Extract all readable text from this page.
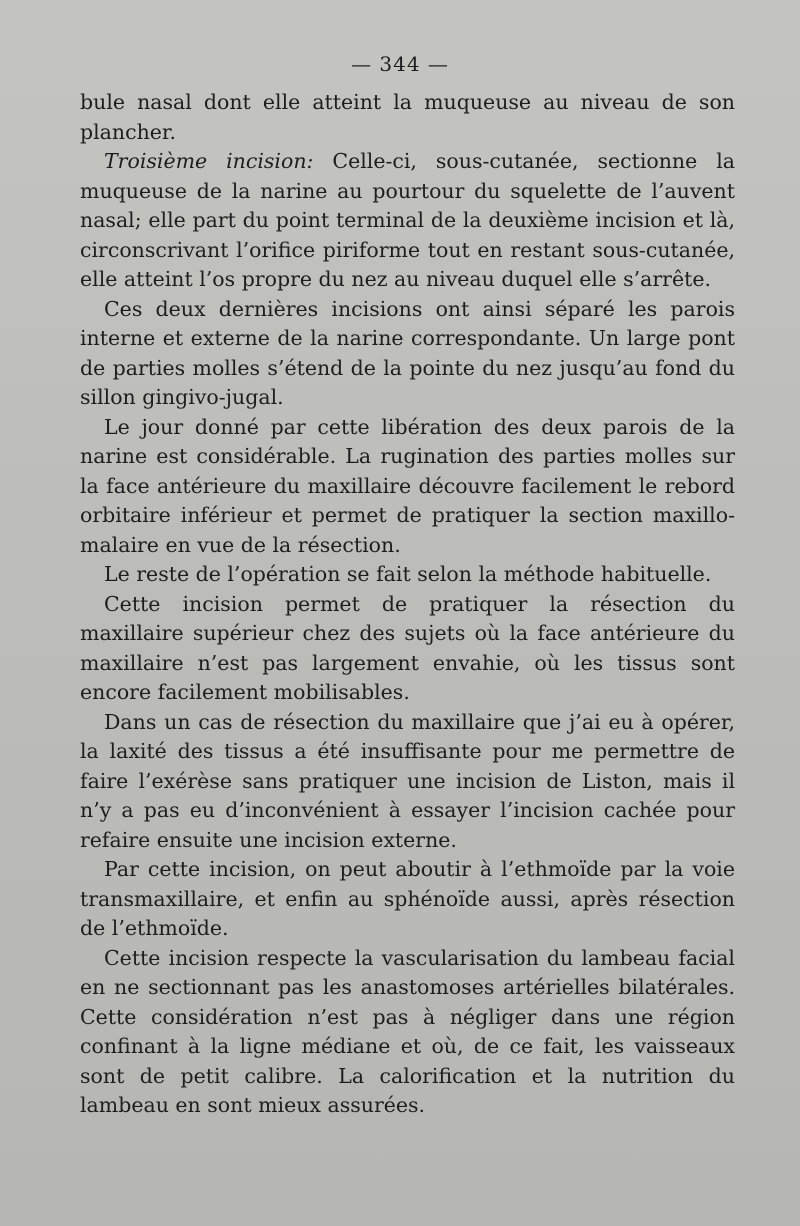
— 344 —

bule nasal dont elle atteint la muqueuse au niveau de son plancher.

Troisième incision: Celle-ci, sous-cutanée, sectionne la muqueuse de la narine au pourtour du squelette de l’auvent nasal; elle part du point terminal de la deuxième incision et là, circonscrivant l’orifice piriforme tout en restant sous-cutanée, elle atteint l’os propre du nez au niveau duquel elle s’arrête.

Ces deux dernières incisions ont ainsi séparé les parois interne et externe de la narine correspondante. Un large pont de parties molles s’étend de la pointe du nez jusqu’au fond du sillon gingivo-jugal.

Le jour donné par cette libération des deux parois de la narine est considérable. La rugination des parties molles sur la face antérieure du maxillaire découvre facilement le rebord orbitaire inférieur et permet de pratiquer la section maxillo-malaire en vue de la résection.

Le reste de l’opération se fait selon la méthode habituelle.

Cette incision permet de pratiquer la résection du maxillaire supérieur chez des sujets où la face antérieure du maxillaire n’est pas largement envahie, où les tissus sont encore facilement mobilisables.

Dans un cas de résection du maxillaire que j’ai eu à opérer, la laxité des tissus a été insuffisante pour me permettre de faire l’exérèse sans pratiquer une incision de Liston, mais il n’y a pas eu d’inconvénient à essayer l’incision cachée pour refaire ensuite une incision externe.

Par cette incision, on peut aboutir à l’ethmoïde par la voie transmaxillaire, et enfin au sphénoïde aussi, après résection de l’ethmoïde.

Cette incision respecte la vascularisation du lambeau facial en ne sectionnant pas les anastomoses artérielles bilatérales. Cette considération n’est pas à négliger dans une région confinant à la ligne médiane et où, de ce fait, les vaisseaux sont de petit calibre. La calorification et la nutrition du lambeau en sont mieux assurées.
